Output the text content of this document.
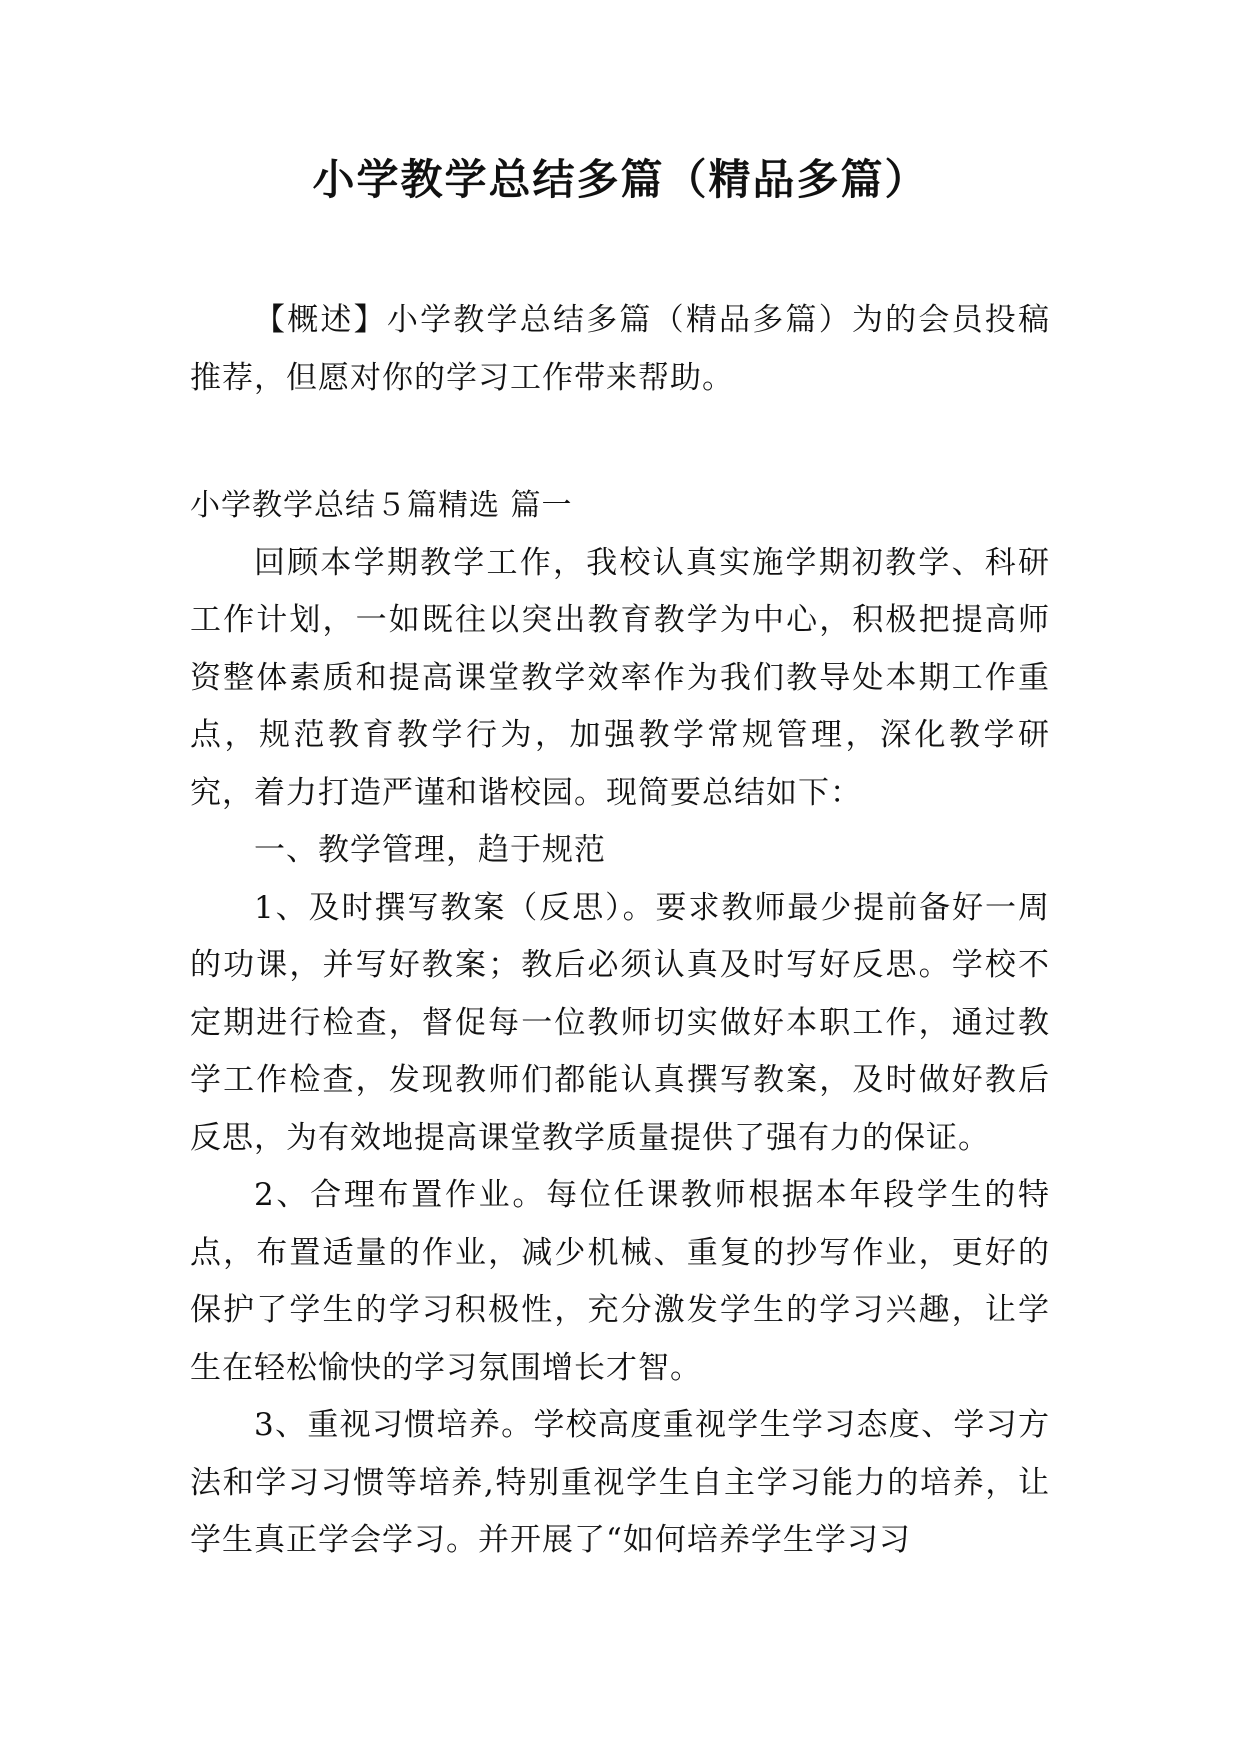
小学教学总结多篇（精品多篇）

【概述】小学教学总结多篇（精品多篇）为的会员投稿推荐，但愿对你的学习工作带来帮助。

小学教学总结５篇精选 篇一

回顾本学期教学工作，我校认真实施学期初教学、科研工作计划，一如既往以突出教育教学为中心，积极把提高师资整体素质和提高课堂教学效率作为我们教导处本期工作重点，规范教育教学行为，加强教学常规管理，深化教学研究，着力打造严谨和谐校园。现简要总结如下：

一、教学管理，趋于规范

1、及时撰写教案（反思）。要求教师最少提前备好一周的功课，并写好教案；教后必须认真及时写好反思。学校不定期进行检查，督促每一位教师切实做好本职工作，通过教学工作检查，发现教师们都能认真撰写教案，及时做好教后反思，为有效地提高课堂教学质量提供了强有力的保证。

2、合理布置作业。每位任课教师根据本年段学生的特点，布置适量的作业，减少机械、重复的抄写作业，更好的保护了学生的学习积极性，充分激发学生的学习兴趣，让学生在轻松愉快的学习氛围增长才智。

3、重视习惯培养。学校高度重视学生学习态度、学习方法和学习习惯等培养,特别重视学生自主学习能力的培养，让学生真正学会学习。并开展了“如何培养学生学习习
